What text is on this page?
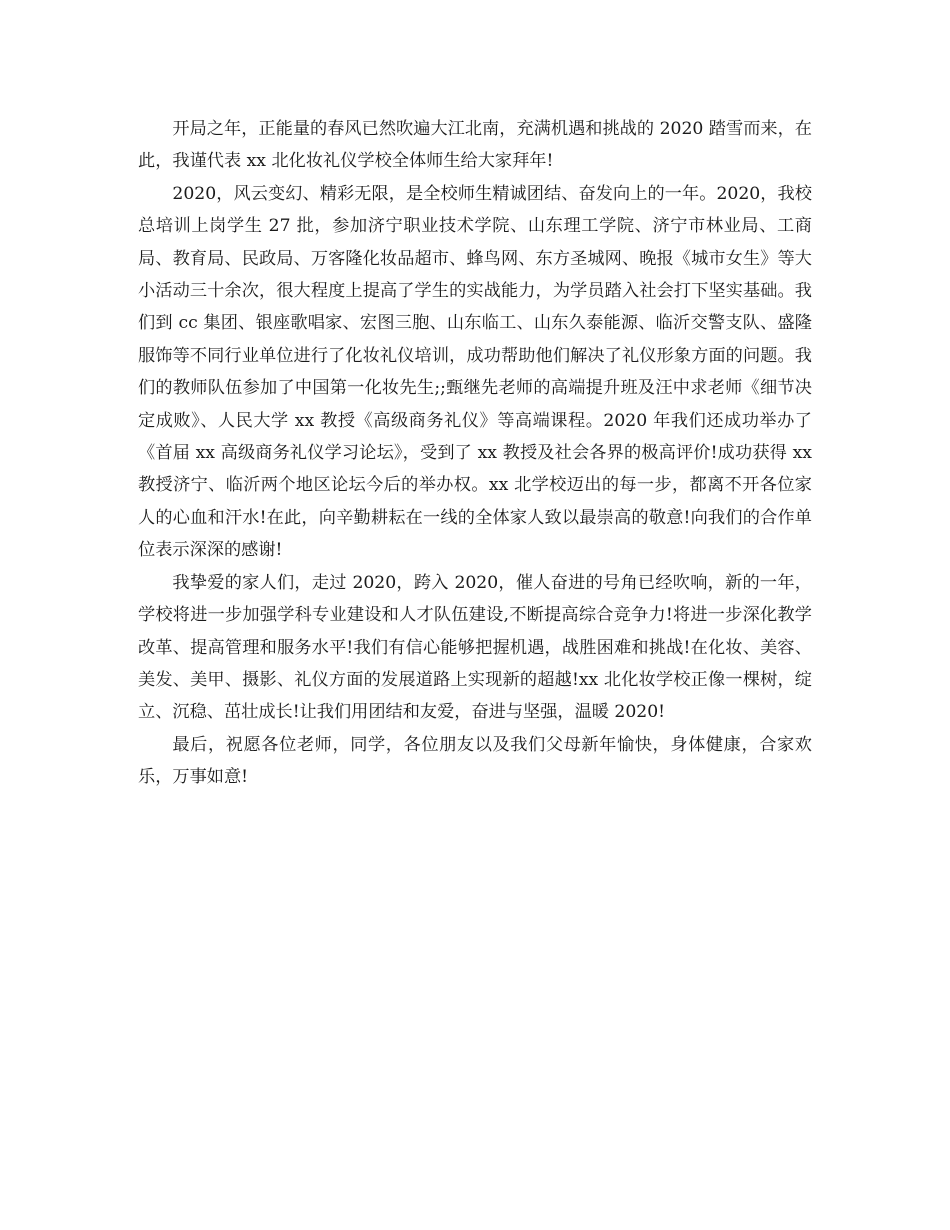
开局之年，正能量的春风已然吹遍大江北南，充满机遇和挑战的 2020 踏雪而来，在此，我谨代表 xx 北化妆礼仪学校全体师生给大家拜年!

2020，风云变幻、精彩无限，是全校师生精诚团结、奋发向上的一年。2020，我校总培训上岗学生 27 批，参加济宁职业技术学院、山东理工学院、济宁市林业局、工商局、教育局、民政局、万客隆化妆品超市、蜂鸟网、东方圣城网、晚报《城市女生》等大小活动三十余次，很大程度上提高了学生的实战能力，为学员踏入社会打下坚实基础。我们到 cc 集团、银座歌唱家、宏图三胞、山东临工、山东久泰能源、临沂交警支队、盛隆服饰等不同行业单位进行了化妆礼仪培训，成功帮助他们解决了礼仪形象方面的问题。我们的教师队伍参加了中国第一化妆先生;;甄继先老师的高端提升班及汪中求老师《细节决定成败》、人民大学 xx 教授《高级商务礼仪》等高端课程。2020 年我们还成功举办了《首届 xx 高级商务礼仪学习论坛》，受到了 xx 教授及社会各界的极高评价!成功获得 xx 教授济宁、临沂两个地区论坛今后的举办权。xx 北学校迈出的每一步，都离不开各位家人的心血和汗水!在此，向辛勤耕耘在一线的全体家人致以最崇高的敬意!向我们的合作单位表示深深的感谢!

我挚爱的家人们，走过 2020，跨入 2020，催人奋进的号角已经吹响，新的一年，学校将进一步加强学科专业建设和人才队伍建设,不断提高综合竞争力!将进一步深化教学改革、提高管理和服务水平!我们有信心能够把握机遇，战胜困难和挑战!在化妆、美容、美发、美甲、摄影、礼仪方面的发展道路上实现新的超越!xx 北化妆学校正像一棵树，绽立、沉稳、茁壮成长!让我们用团结和友爱，奋进与坚强，温暖 2020!

最后，祝愿各位老师，同学，各位朋友以及我们父母新年愉快，身体健康，合家欢乐，万事如意!
